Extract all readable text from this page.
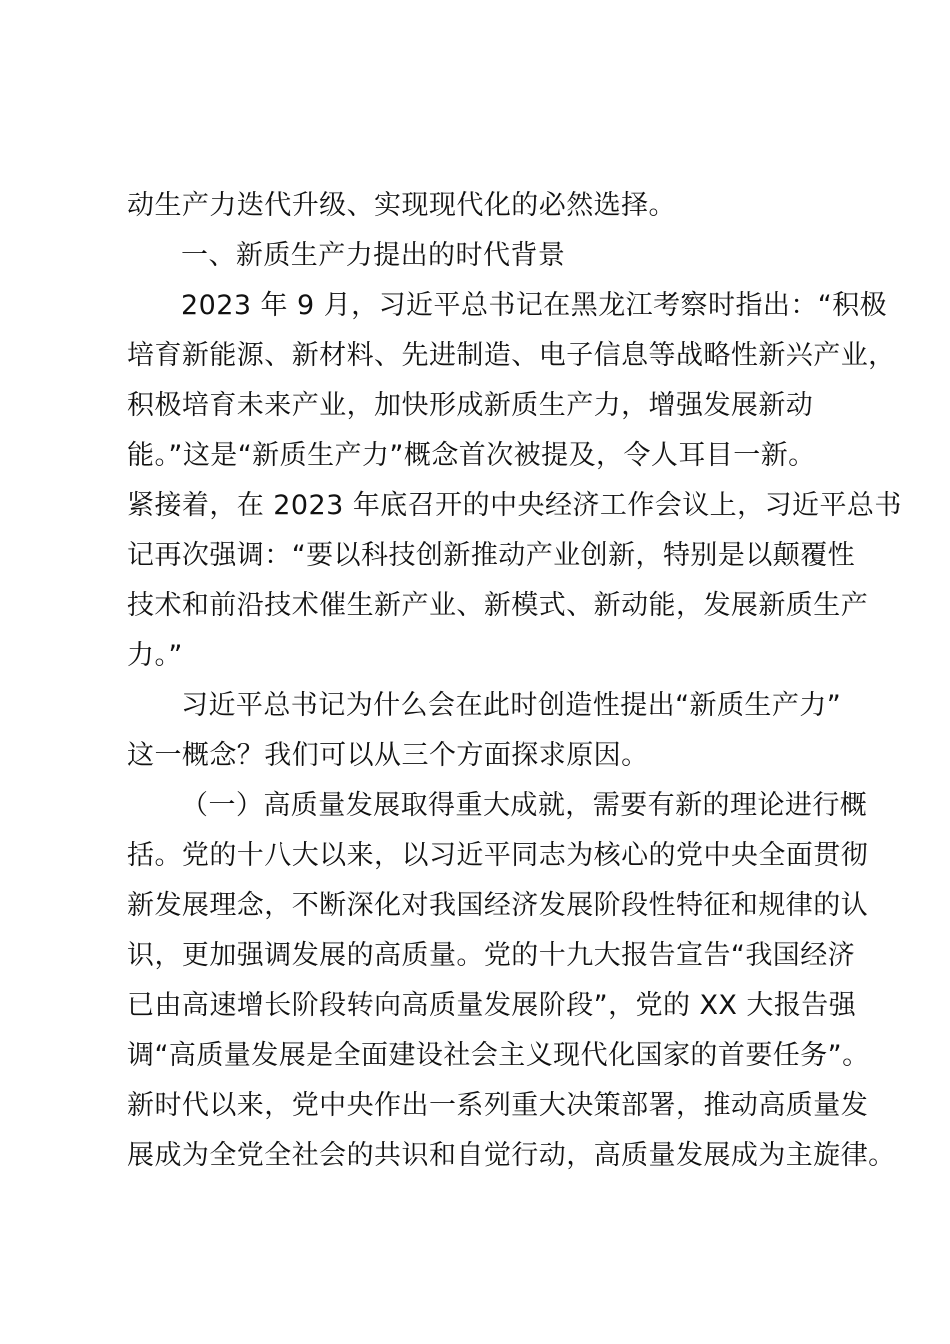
动生产力迭代升级、实现现代化的必然选择。
一、新质生产力提出的时代背景
2023 年 9 月，习近平总书记在黑龙江考察时指出：“积极
培育新能源、新材料、先进制造、电子信息等战略性新兴产业，
积极培育未来产业，加快形成新质生产力，增强发展新动
能。”这是“新质生产力”概念首次被提及，令人耳目一新。
紧接着，在 2023 年底召开的中央经济工作会议上，习近平总书
记再次强调：“要以科技创新推动产业创新，特别是以颠覆性
技术和前沿技术催生新产业、新模式、新动能，发展新质生产
力。”
习近平总书记为什么会在此时创造性提出“新质生产力”
这一概念？我们可以从三个方面探求原因。
（一）高质量发展取得重大成就，需要有新的理论进行概
括。党的十八大以来，以习近平同志为核心的党中央全面贯彻
新发展理念，不断深化对我国经济发展阶段性特征和规律的认
识，更加强调发展的高质量。党的十九大报告宣告“我国经济
已由高速增长阶段转向高质量发展阶段”，党的 XX 大报告强
调“高质量发展是全面建设社会主义现代化国家的首要任务”。
新时代以来，党中央作出一系列重大决策部署，推动高质量发
展成为全党全社会的共识和自觉行动，高质量发展成为主旋律。
